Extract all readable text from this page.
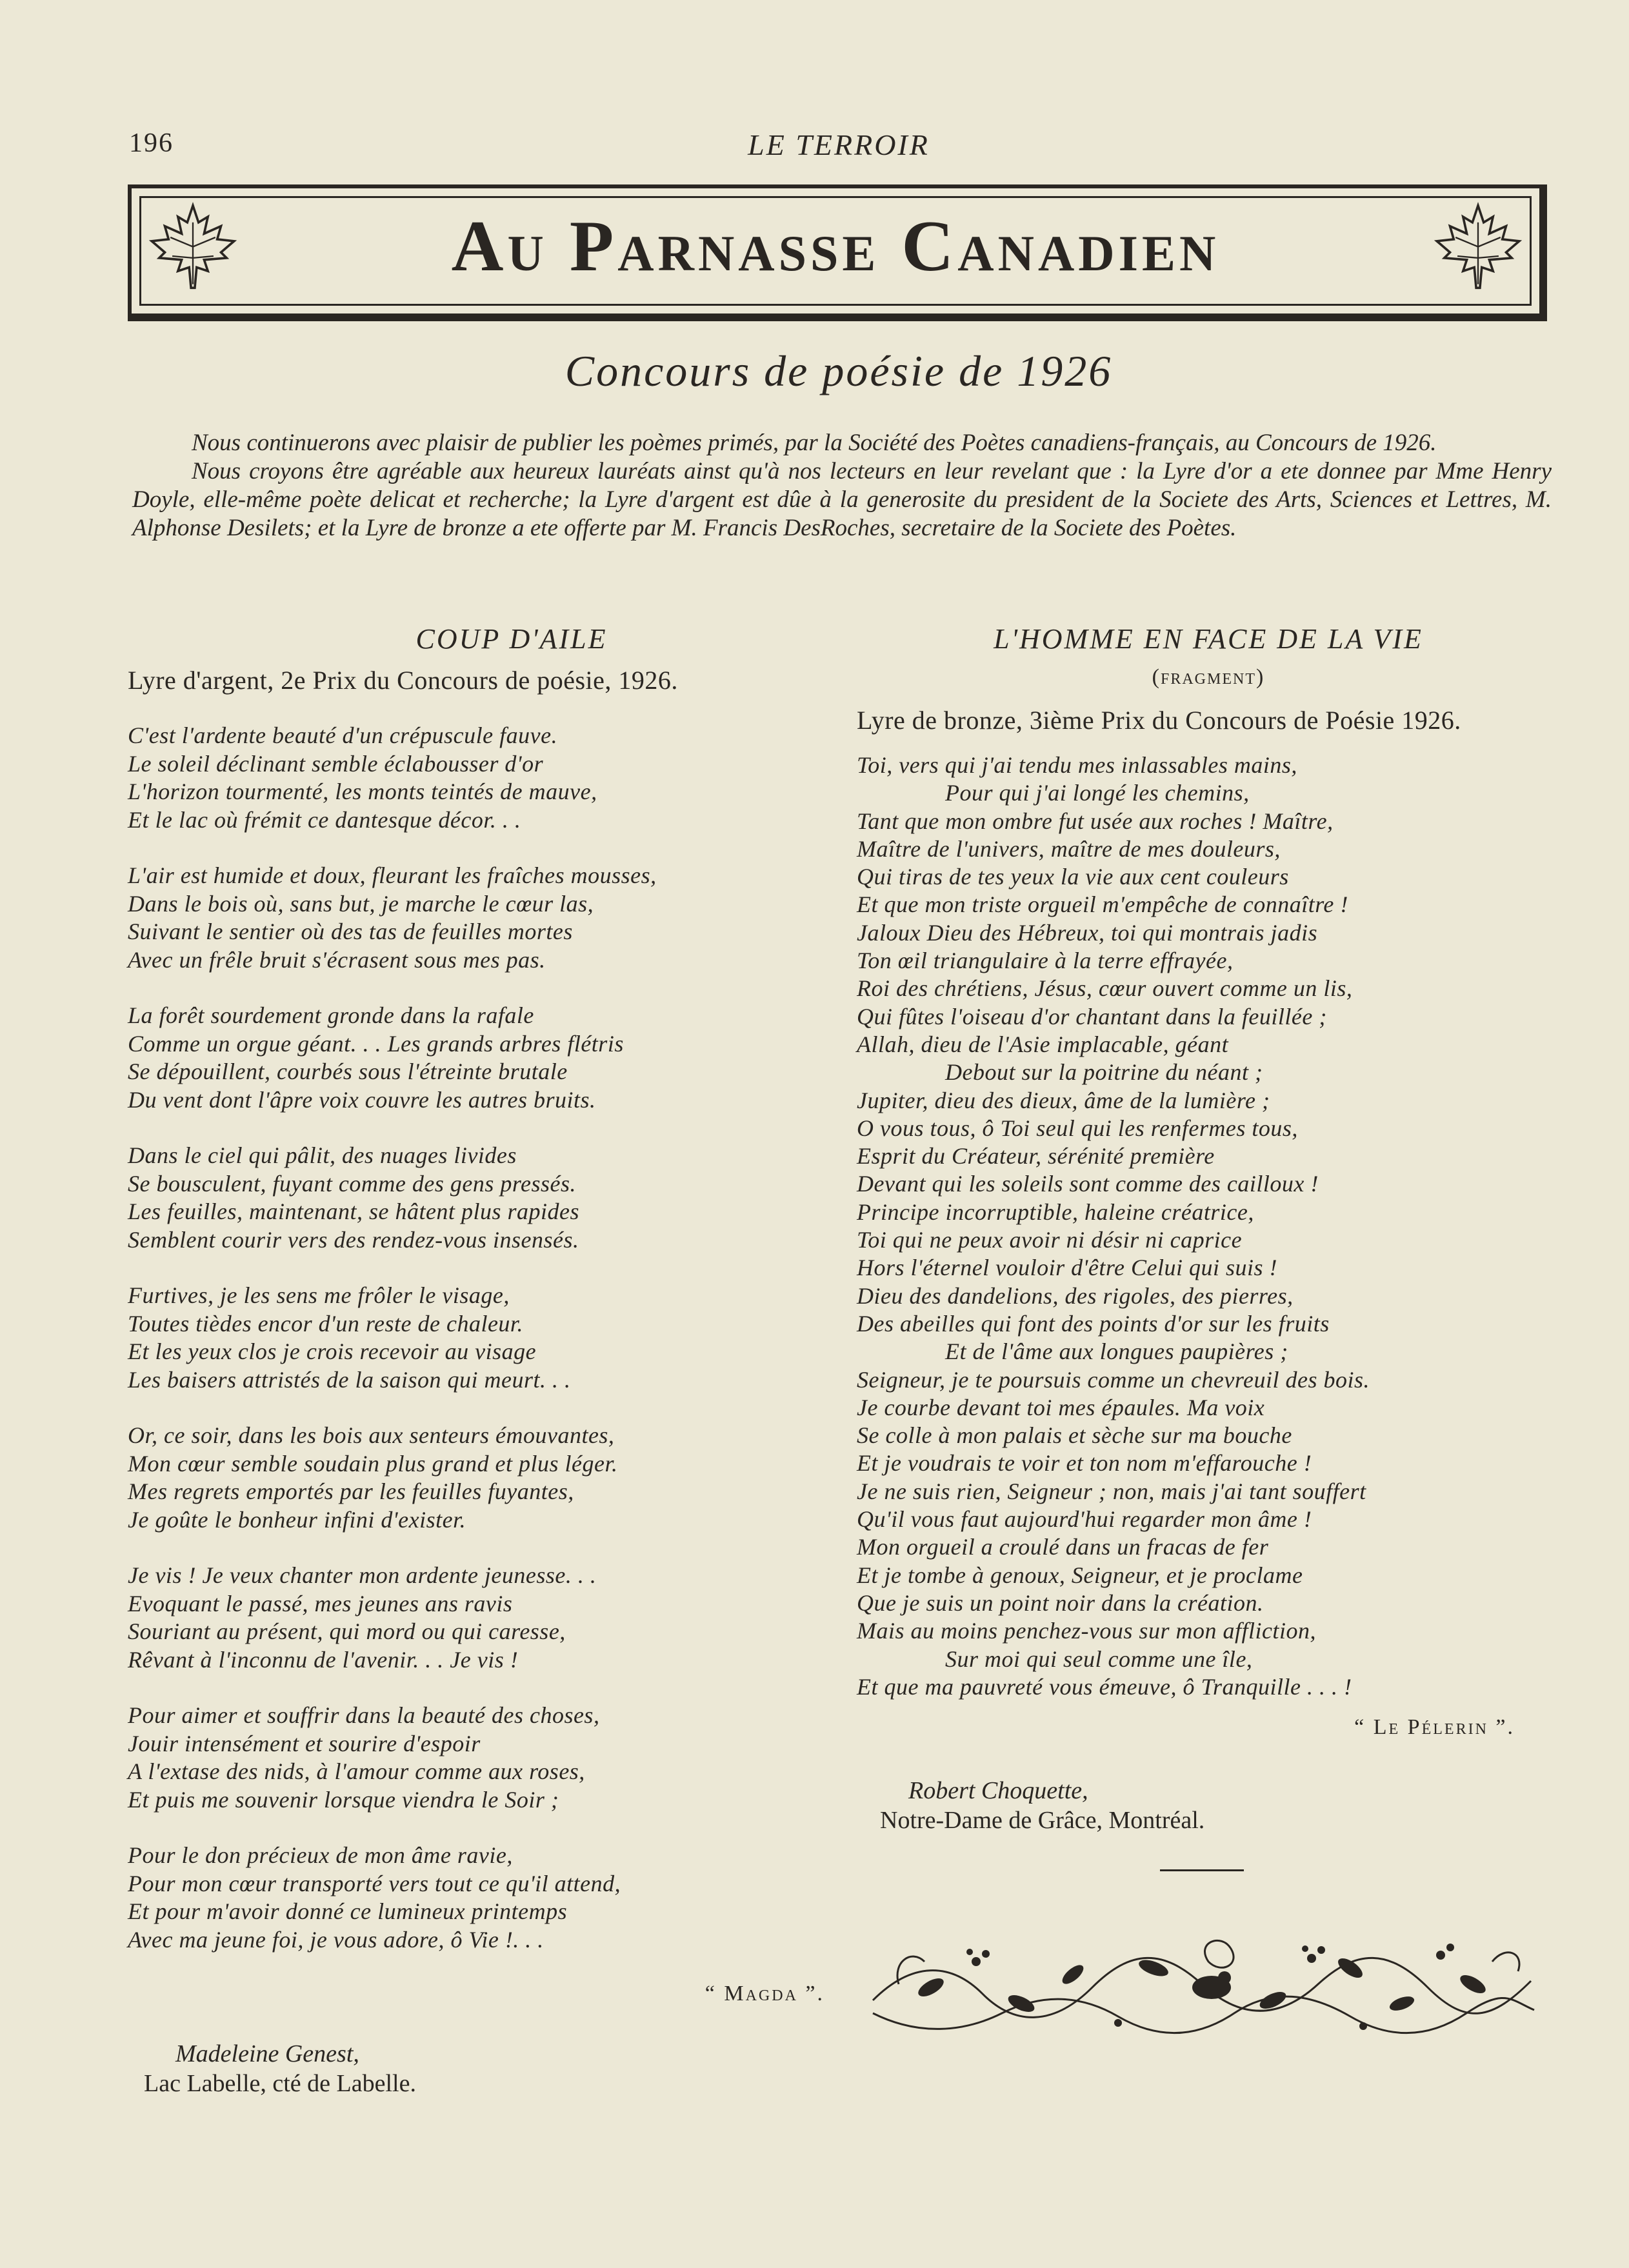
196	LE TERROIR
Au Parnasse Canadien
Concours de poésie de 1926

Nous continuerons avec plaisir de publier les poèmes primés, par la Société des Poètes canadiens-français, au Concours de 1926.

Nous croyons être agréable aux heureux lauréats ainst qu'à nos lecteurs en leur revelant que : la Lyre d'or a ete donnee par Mme Henry Doyle, elle-même poète delicat et recherche; la Lyre d'argent est dûe à la generosite du president de la Societe des Arts, Sciences et Lettres, M. Alphonse Desilets; et la Lyre de bronze a ete offerte par M. Francis DesRoches, secretaire de la Societe des Poètes.

COUP D'AILE

Lyre d'argent, 2e Prix du Concours de poésie, 1926.

C'est l'ardente beauté d'un crépuscule fauve.
Le soleil déclinant semble éclabousser d'or
L'horizon tourmenté, les monts teintés de mauve,
Et le lac où frémit ce dantesque décor. . .
L'air est humide et doux, fleurant les fraîches mousses,
Dans le bois où, sans but, je marche le cœur las,
Suivant le sentier où des tas de feuilles mortes
Avec un frêle bruit s'écrasent sous mes pas.
La forêt sourdement gronde dans la rafale
Comme un orgue géant. . . Les grands arbres flétris
Se dépouillent, courbés sous l'étreinte brutale
Du vent dont l'âpre voix couvre les autres bruits.
Dans le ciel qui pâlit, des nuages livides
Se bousculent, fuyant comme des gens pressés.
Les feuilles, maintenant, se hâtent plus rapides
Semblent courir vers des rendez-vous insensés.
Furtives, je les sens me frôler le visage,
Toutes tièdes encor d'un reste de chaleur.
Et les yeux clos je crois recevoir au visage
Les baisers attristés de la saison qui meurt. . .
Or, ce soir, dans les bois aux senteurs émouvantes,
Mon cœur semble soudain plus grand et plus léger.
Mes regrets emportés par les feuilles fuyantes,
Je goûte le bonheur infini d'exister.
Je vis ! Je veux chanter mon ardente jeunesse. . .
Evoquant le passé, mes jeunes ans ravis
Souriant au présent, qui mord ou qui caresse,
Rêvant à l'inconnu de l'avenir. . . Je vis !
Pour aimer et souffrir dans la beauté des choses,
Jouir intensément et sourire d'espoir
A l'extase des nids, à l'amour comme aux roses,
Et puis me souvenir lorsque viendra le Soir ;
Pour le don précieux de mon âme ravie,
Pour mon cœur transporté vers tout ce qu'il attend,
Et pour m'avoir donné ce lumineux printemps
Avec ma jeune foi, je vous adore, ô Vie !. . .

“ Magda ”.

Madeleine Genest,

Lac Labelle, cté de Labelle.

L'HOMME EN FACE DE LA VIE

(fragment)

Lyre de bronze, 3ième Prix du Concours de Poésie 1926.

Toi, vers qui j'ai tendu mes inlassables mains,
Pour qui j'ai longé les chemins,
Tant que mon ombre fut usée aux roches ! Maître,
Maître de l'univers, maître de mes douleurs,
Qui tiras de tes yeux la vie aux cent couleurs
Et que mon triste orgueil m'empêche de connaître !
Jaloux Dieu des Hébreux, toi qui montrais jadis
Ton œil triangulaire à la terre effrayée,
Roi des chrétiens, Jésus, cœur ouvert comme un lis,
Qui fûtes l'oiseau d'or chantant dans la feuillée ;
Allah, dieu de l'Asie implacable, géant
Debout sur la poitrine du néant ;
Jupiter, dieu des dieux, âme de la lumière ;
O vous tous, ô Toi seul qui les renfermes tous,
Esprit du Créateur, sérénité première
Devant qui les soleils sont comme des cailloux !
Principe incorruptible, haleine créatrice,
Toi qui ne peux avoir ni désir ni caprice
Hors l'éternel vouloir d'être Celui qui suis !
Dieu des dandelions, des rigoles, des pierres,
Des abeilles qui font des points d'or sur les fruits
Et de l'âme aux longues paupières ;
Seigneur, je te poursuis comme un chevreuil des bois.
Je courbe devant toi mes épaules. Ma voix
Se colle à mon palais et sèche sur ma bouche
Et je voudrais te voir et ton nom m'effarouche !
Je ne suis rien, Seigneur ; non, mais j'ai tant souffert
Qu'il vous faut aujourd'hui regarder mon âme !
Mon orgueil a croulé dans un fracas de fer
Et je tombe à genoux, Seigneur, et je proclame
Que je suis un point noir dans la création.
Mais au moins penchez-vous sur mon affliction,
Sur moi qui seul comme une île,
Et que ma pauvreté vous émeuve, ô Tranquille . . . !

“ Le Pélerin ”.

Robert Choquette,

Notre-Dame de Grâce, Montréal.
